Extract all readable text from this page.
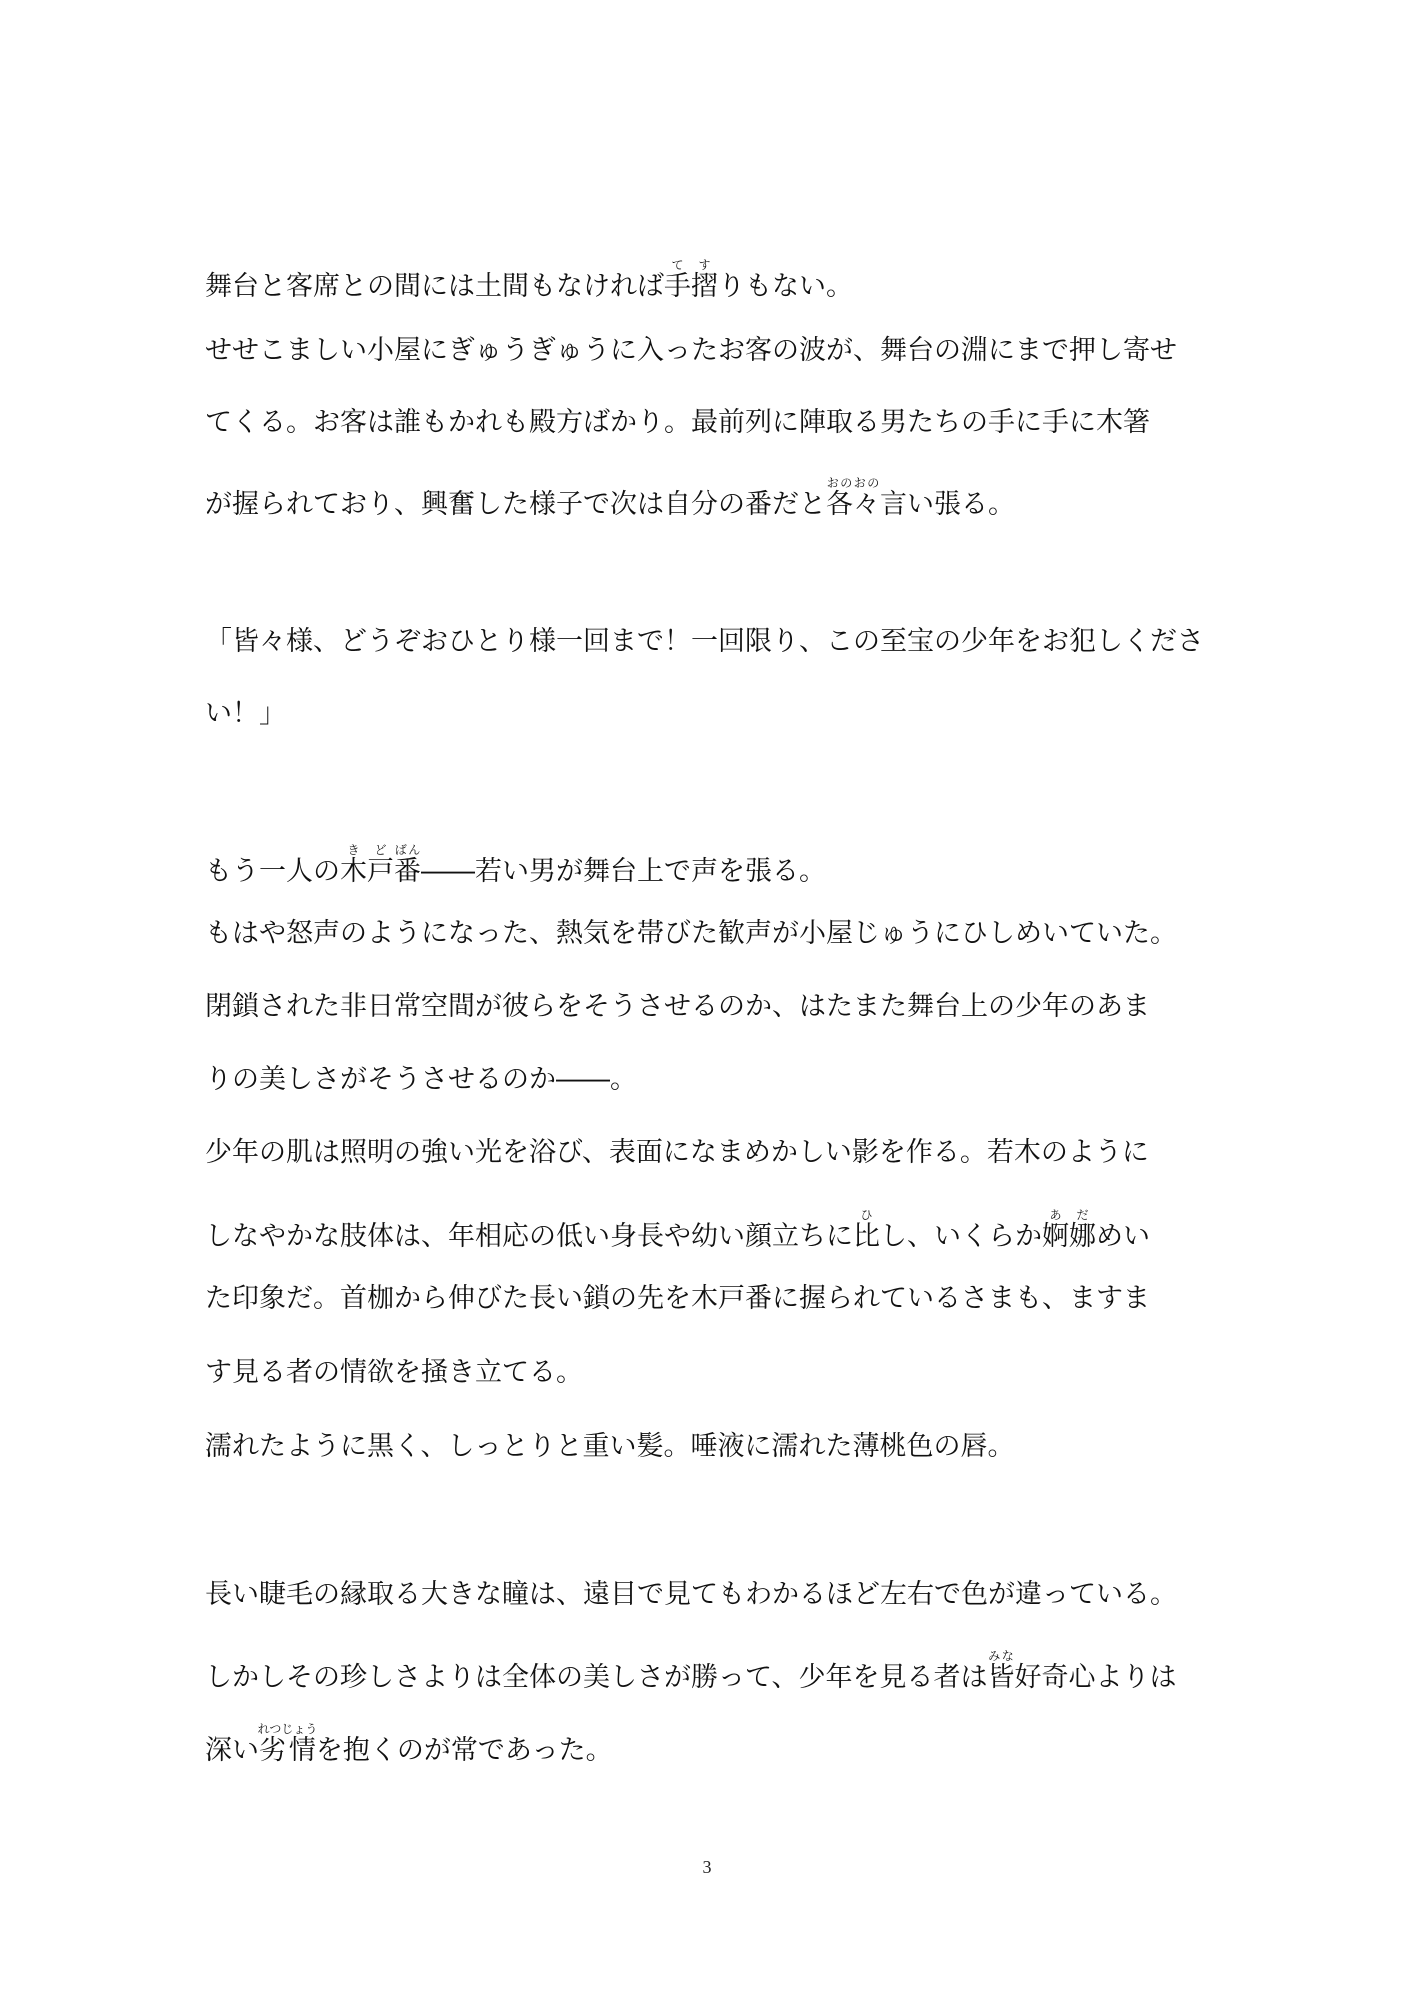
舞台と客席との間には土間もなければ手摺てすりもない。
せせこましい小屋にぎゅうぎゅうに入ったお客の波が、舞台の淵にまで押し寄せ
てくる。お客は誰もかれも殿方ばかり。最前列に陣取る男たちの手に手に木箸
が握られており、興奮した様子で次は自分の番だと各々おのおの言い張る。
「皆々様、どうぞおひとり様一回まで！一回限り、この至宝の少年をお犯しくださ
い！」
もう一人の木戸きど番ばん――若い男が舞台上で声を張る。
もはや怒声のようになった、熱気を帯びた歓声が小屋じゅうにひしめいていた。
閉鎖された非日常空間が彼らをそうさせるのか、はたまた舞台上の少年のあま
りの美しさがそうさせるのか――。
少年の肌は照明の強い光を浴び、表面になまめかしい影を作る。若木のように
しなやかな肢体は、年相応の低い身長や幼い顔立ちに比ひし、いくらか婀娜あだめい
た印象だ。首枷から伸びた長い鎖の先を木戸番に握られているさまも、ますま
す見る者の情欲を掻き立てる。
濡れたように黒く、しっとりと重い髪。唾液に濡れた薄桃色の唇。
長い睫毛の縁取る大きな瞳は、遠目で見てもわかるほど左右で色が違っている。
しかしその珍しさよりは全体の美しさが勝って、少年を見る者は皆みな好奇心よりは
深い劣情れつじょうを抱くのが常であった。
3
